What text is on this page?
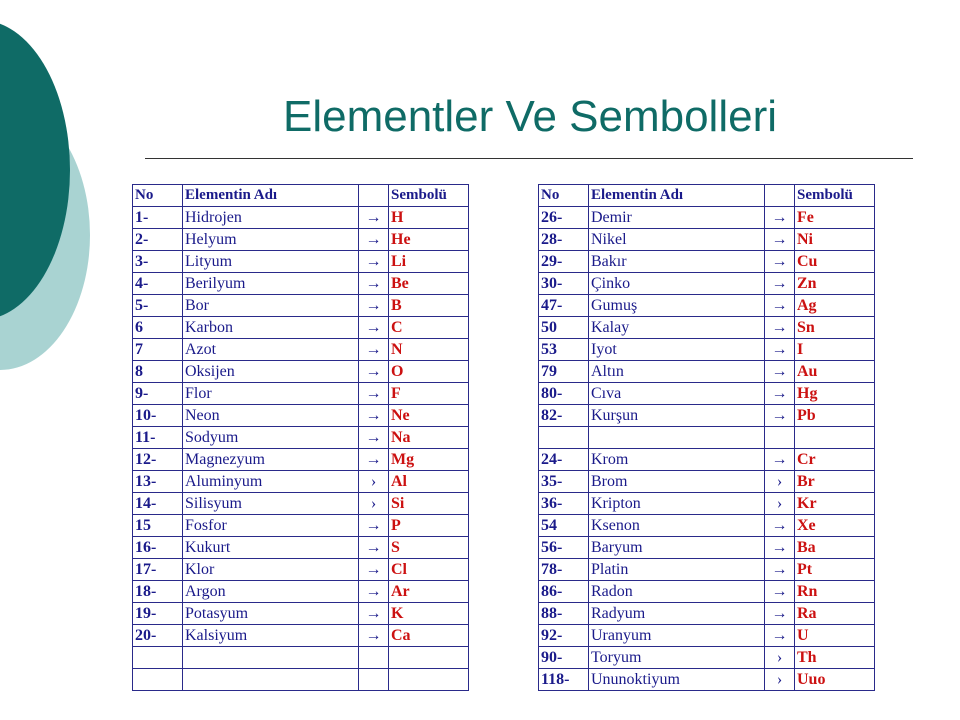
Elementler Ve Sembolleri
No	Elementin Adı		Sembolü
1-	Hidrojen	→	H
2-	Helyum	→	He
3-	Lityum	→	Li
4-	Berilyum	→	Be
5-	Bor	→	B
6	Karbon	→	C
7	Azot	→	N
8	Oksijen	→	O
9-	Flor	→	F
10-	Neon	→	Ne
11-	Sodyum	→	Na
12-	Magnezyum	→	Mg
13-	Aluminyum	›	Al
14-	Silisyum	›	Si
15	Fosfor	→	P
16-	Kukurt	→	S
17-	Klor	→	Cl
18-	Argon	→	Ar
19-	Potasyum	→	K
20-	Kalsiyum	→	Ca

No	Elementin Adı		Sembolü
26-	Demir	→	Fe
28-	Nikel	→	Ni
29-	Bakır	→	Cu
30-	Çinko	→	Zn
47-	Gumuş	→	Ag
50	Kalay	→	Sn
53	Iyot	→	I
79	Altın	→	Au
80-	Cıva	→	Hg
82-	Kurşun	→	Pb

24-	Krom	→	Cr
35-	Brom	›	Br
36-	Kripton	›	Kr
54	Ksenon	→	Xe
56-	Baryum	→	Ba
78-	Platin	→	Pt
86-	Radon	→	Rn
88-	Radyum	→	Ra
92-	Uranyum	→	U
90-	Toryum	›	Th
118-	Ununoktiyum	›	Uuo
